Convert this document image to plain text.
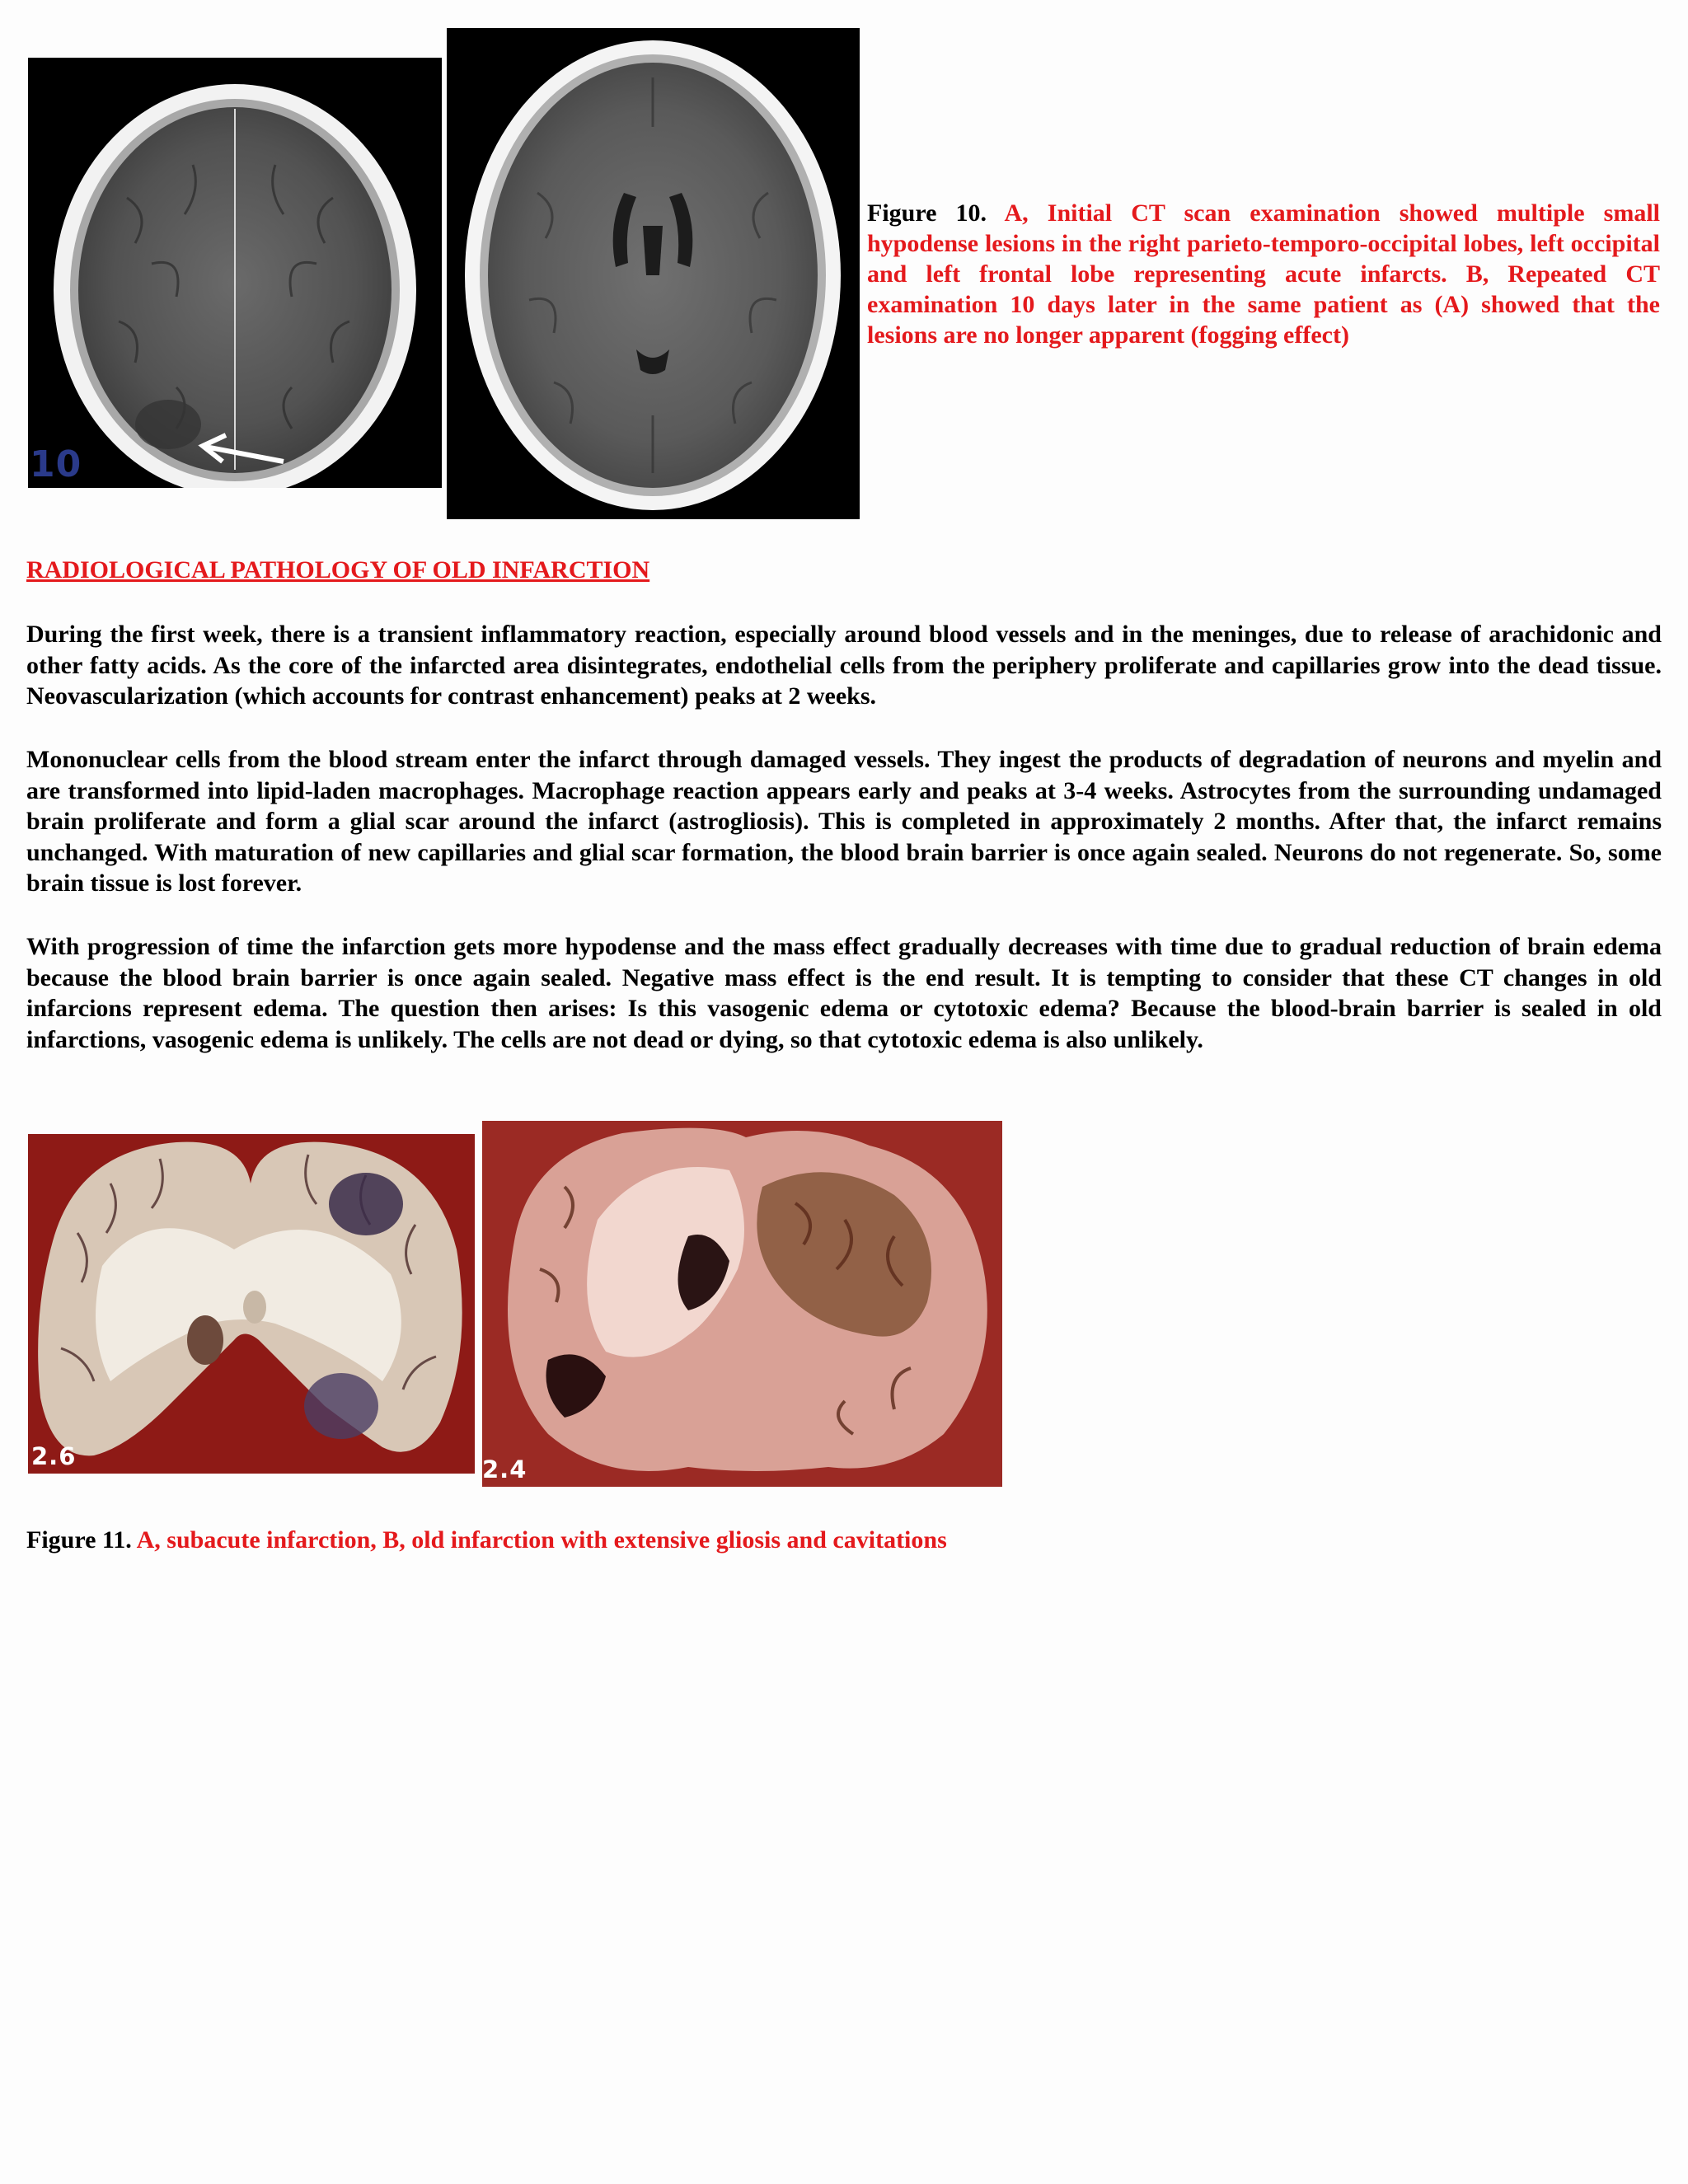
10
Figure 10. A, Initial CT scan examination showed multiple small hypodense lesions in the right parieto-temporo-occipital lobes, left occipital and left frontal lobe representing acute infarcts. B, Repeated CT examination 10 days later in the same patient as (A) showed that the lesions are no longer apparent (fogging effect)
RADIOLOGICAL PATHOLOGY OF OLD INFARCTION

During the first week, there is a transient inflammatory reaction, especially around blood vessels and in the meninges, due to release of arachidonic and other fatty acids. As the core of the infarcted area disintegrates, endothelial cells from the periphery proliferate and capillaries grow into the dead tissue. Neovascularization (which accounts for contrast enhancement) peaks at 2 weeks.

Mononuclear cells from the blood stream enter the infarct through damaged vessels. They ingest the products of degradation of neurons and myelin and are transformed into lipid-laden macrophages. Macrophage reaction appears early and peaks at 3-4 weeks. Astrocytes from the surrounding undamaged brain proliferate and form a glial scar around the infarct (astrogliosis). This is completed in approximately 2 months. After that, the infarct remains unchanged. With maturation of new capillaries and glial scar formation, the blood brain barrier is once again sealed. Neurons do not regenerate. So, some brain tissue is lost forever.

With progression of time the infarction gets more hypodense and the mass effect gradually decreases with time due to gradual reduction of brain edema because the blood brain barrier is once again sealed. Negative mass effect is the end result. It is tempting to consider that these CT changes in old infarcions represent edema. The question then arises: Is this vasogenic edema or cytotoxic edema? Because the blood-brain barrier is sealed in old infarctions, vasogenic edema is unlikely. The cells are not dead or dying, so that cytotoxic edema is also unlikely.

2.6	2.4
Figure 11. A, subacute infarction, B, old infarction with extensive gliosis and cavitations
